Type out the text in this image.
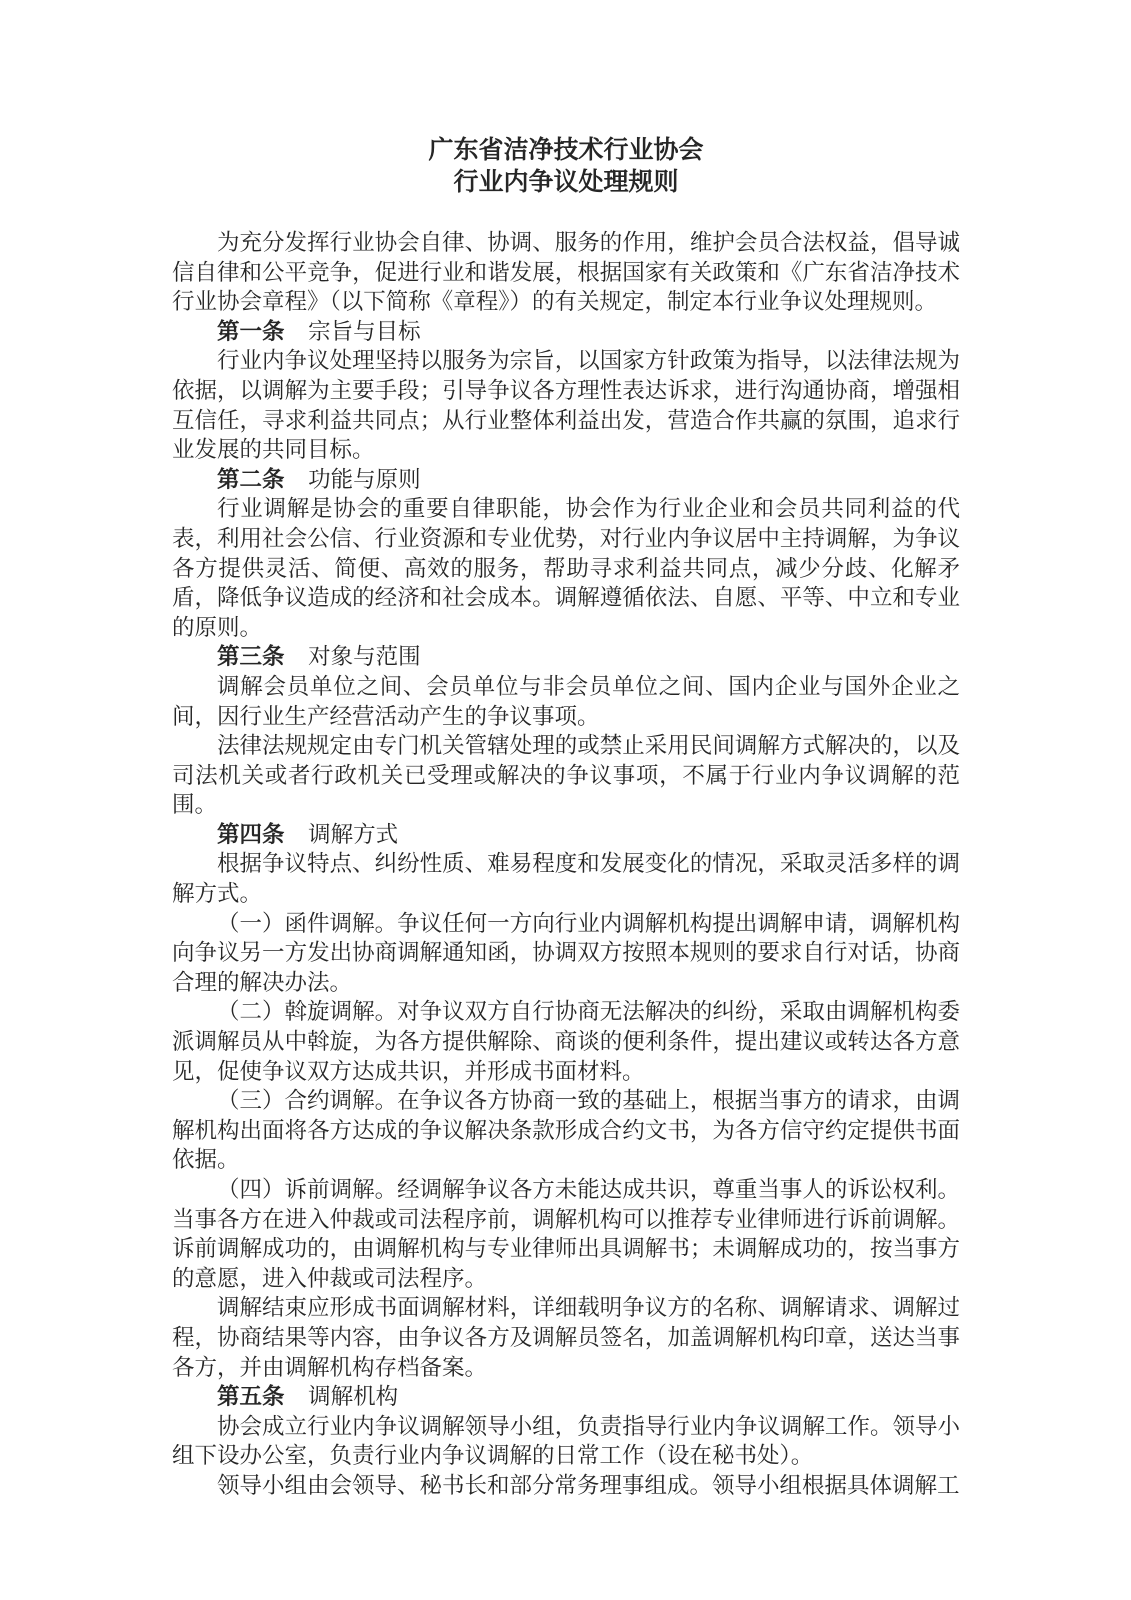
广东省洁净技术行业协会

行业内争议处理规则

为充分发挥行业协会自律、协调、服务的作用，维护会员合法权益，倡导诚信自律和公平竞争，促进行业和谐发展，根据国家有关政策和《广东省洁净技术行业协会章程》（以下简称《章程》）的有关规定，制定本行业争议处理规则。

第一条 宗旨与目标

行业内争议处理坚持以服务为宗旨，以国家方针政策为指导，以法律法规为依据，以调解为主要手段；引导争议各方理性表达诉求，进行沟通协商，增强相互信任，寻求利益共同点；从行业整体利益出发，营造合作共赢的氛围，追求行业发展的共同目标。

第二条 功能与原则

行业调解是协会的重要自律职能，协会作为行业企业和会员共同利益的代表，利用社会公信、行业资源和专业优势，对行业内争议居中主持调解，为争议各方提供灵活、简便、高效的服务，帮助寻求利益共同点，减少分歧、化解矛盾，降低争议造成的经济和社会成本。调解遵循依法、自愿、平等、中立和专业的原则。

第三条 对象与范围

调解会员单位之间、会员单位与非会员单位之间、国内企业与国外企业之间，因行业生产经营活动产生的争议事项。

法律法规规定由专门机关管辖处理的或禁止采用民间调解方式解决的，以及司法机关或者行政机关已受理或解决的争议事项，不属于行业内争议调解的范围。

第四条 调解方式

根据争议特点、纠纷性质、难易程度和发展变化的情况，采取灵活多样的调解方式。

（一）函件调解。争议任何一方向行业内调解机构提出调解申请，调解机构向争议另一方发出协商调解通知函，协调双方按照本规则的要求自行对话，协商合理的解决办法。

（二）斡旋调解。对争议双方自行协商无法解决的纠纷，采取由调解机构委派调解员从中斡旋，为各方提供解除、商谈的便利条件，提出建议或转达各方意见，促使争议双方达成共识，并形成书面材料。

（三）合约调解。在争议各方协商一致的基础上，根据当事方的请求，由调解机构出面将各方达成的争议解决条款形成合约文书，为各方信守约定提供书面依据。

（四）诉前调解。经调解争议各方未能达成共识，尊重当事人的诉讼权利。当事各方在进入仲裁或司法程序前，调解机构可以推荐专业律师进行诉前调解。诉前调解成功的，由调解机构与专业律师出具调解书；未调解成功的，按当事方的意愿，进入仲裁或司法程序。

调解结束应形成书面调解材料，详细载明争议方的名称、调解请求、调解过程，协商结果等内容，由争议各方及调解员签名，加盖调解机构印章，送达当事各方，并由调解机构存档备案。

第五条 调解机构

协会成立行业内争议调解领导小组，负责指导行业内争议调解工作。领导小组下设办公室，负责行业内争议调解的日常工作（设在秘书处）。

领导小组由会领导、秘书长和部分常务理事组成。领导小组根据具体调解工
